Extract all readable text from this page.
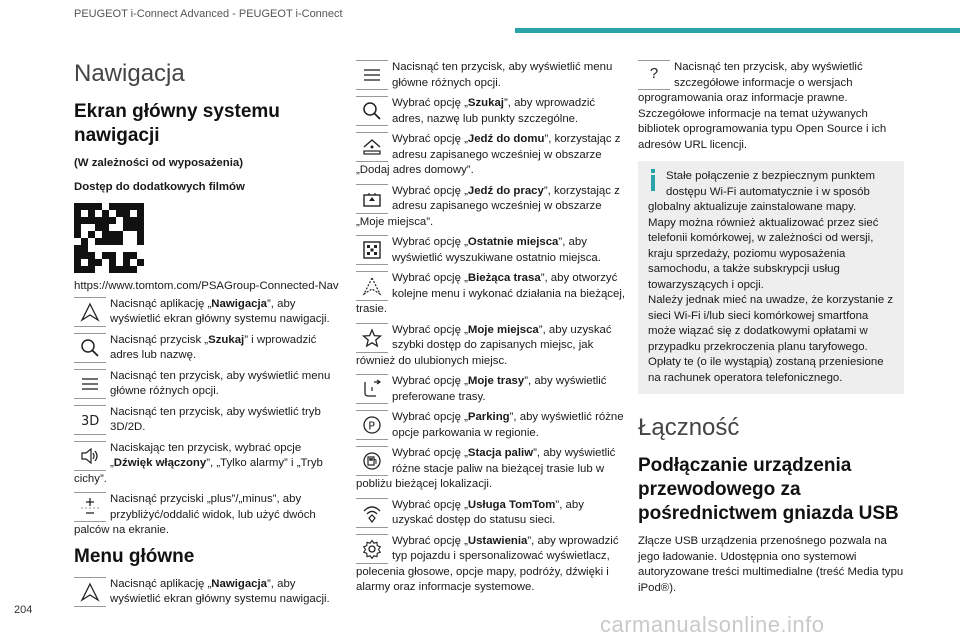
PEUGEOT i-Connect Advanced - PEUGEOT i-Connect
Nawigacja
Ekran główny systemu nawigacji

(W zależności od wyposażenia)

Dostęp do dodatkowych filmów

https://www.tomtom.com/PSAGroup-Connected-Nav
Nacisnąć aplikację „Nawigacja”, aby wyświetlić ekran główny systemu nawigacji.
Nacisnąć przycisk „Szukaj” i wprowadzić adres lub nazwę.
Nacisnąć ten przycisk, aby wyświetlić menu główne różnych opcji.
3D
Nacisnąć ten przycisk, aby wyświetlić tryb 3D/2D.
Naciskając ten przycisk, wybrać opcje „Dźwięk włączony”, „Tylko alarmy” i „Tryb cichy”.
Nacisnąć przyciski „plus”/„minus”, aby przybliżyć/oddalić widok, lub użyć dwóch palców na ekranie.
Menu główne
Nacisnąć aplikację „Nawigacja”, aby wyświetlić ekran główny systemu nawigacji.
Nacisnąć ten przycisk, aby wyświetlić menu główne różnych opcji.
Wybrać opcję „Szukaj”, aby wprowadzić adres, nazwę lub punkty szczególne.
Wybrać opcję „Jedź do domu”, korzystając z adresu zapisanego wcześniej w obszarze „Dodaj adres domowy”.
Wybrać opcję „Jedź do pracy”, korzystając z adresu zapisanego wcześniej w obszarze „Moje miejsca”.
Wybrać opcję „Ostatnie miejsca”, aby wyświetlić wyszukiwane ostatnio miejsca.
Wybrać opcję „Bieżąca trasa”, aby otworzyć kolejne menu i wykonać działania na bieżącej, trasie.
Wybrać opcję „Moje miejsca”, aby uzyskać szybki dostęp do zapisanych miejsc, jak również do ulubionych miejsc.
Wybrać opcję „Moje trasy”, aby wyświetlić preferowane trasy.
P
Wybrać opcję „Parking”, aby wyświetlić różne opcje parkowania w regionie.
Wybrać opcję „Stacja paliw”, aby wyświetlić różne stacje paliw na bieżącej trasie lub w pobliżu bieżącej lokalizacji.
Wybrać opcję „Usługa TomTom”, aby uzyskać dostęp do statusu sieci.
Wybrać opcję „Ustawienia”, aby wprowadzić typ pojazdu i spersonalizować wyświetlacz, polecenia głosowe, opcje mapy, podróży, dźwięki i alarmy oraz informacje systemowe.
?	Nacisnąć ten przycisk, aby wyświetlić szczegółowe informacje o wersjach oprogramowania oraz informacje prawne. Szczegółowe informacje na temat używanych bibliotek oprogramowania typu Open Source i ich adresów URL licencji.
Stałe połączenie z bezpiecznym punktem dostępu Wi-Fi automatycznie i w sposób globalny aktualizuje zainstalowane mapy.
Mapy można również aktualizować przez sieć telefonii komórkowej, w zależności od wersji, kraju sprzedaży, poziomu wyposażenia samochodu, a także subskrypcji usług towarzyszących i opcji.
Należy jednak mieć na uwadze, że korzystanie z sieci Wi-Fi i/lub sieci komórkowej smartfona może wiązać się z dodatkowymi opłatami w przypadku przekroczenia planu taryfowego. Opłaty te (o ile wystąpią) zostaną przeniesione na rachunek operatora telefonicznego.
Łączność
Podłączanie urządzenia przewodowego za pośrednictwem gniazda USB

Złącze USB urządzenia przenośnego pozwala na jego ładowanie. Udostępnia ono systemowi autoryzowane treści multimedialne (treść Media typu iPod®).

204
carmanualsonline.info
